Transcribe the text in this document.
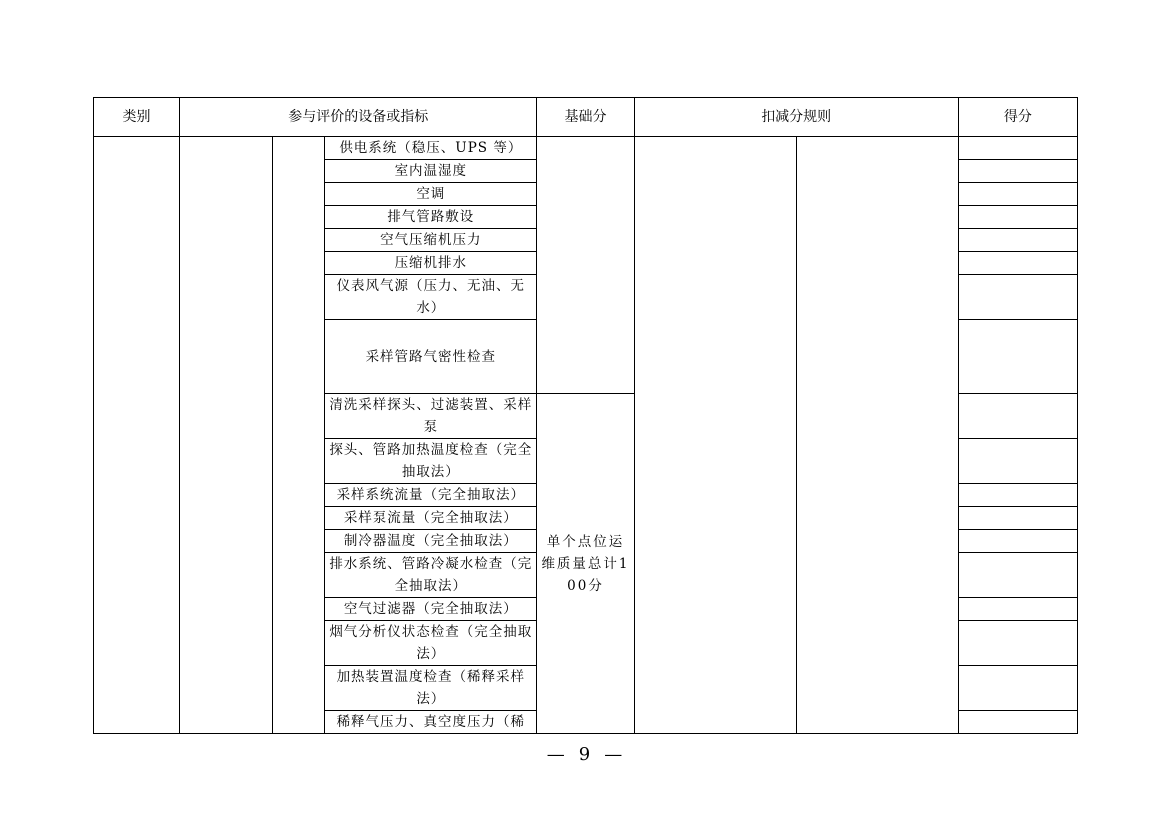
类别	参与评价的设备或指标			基础分	扣减分规则		得分
			供电系统（稳压、UPS 等）				
			室内温湿度				
			空调				
			排气管路敷设				
			空气压缩机压力				
			压缩机排水				
			仪表风气源（压力、无油、无水）				
			采样管路气密性检查				
			清洗采样探头、过滤装置、采样泵	单个点位运维质量总计100分			
			探头、管路加热温度检查（完全抽取法）				
			采样系统流量（完全抽取法）				
			采样泵流量（完全抽取法）				
			制冷器温度（完全抽取法）				
			排水系统、管路冷凝水检查（完全抽取法）				
			空气过滤器（完全抽取法）				
			烟气分析仪状态检查（完全抽取法）				
			加热装置温度检查（稀释采样法）				
			稀释气压力、真空度压力（稀				
— 9 —
